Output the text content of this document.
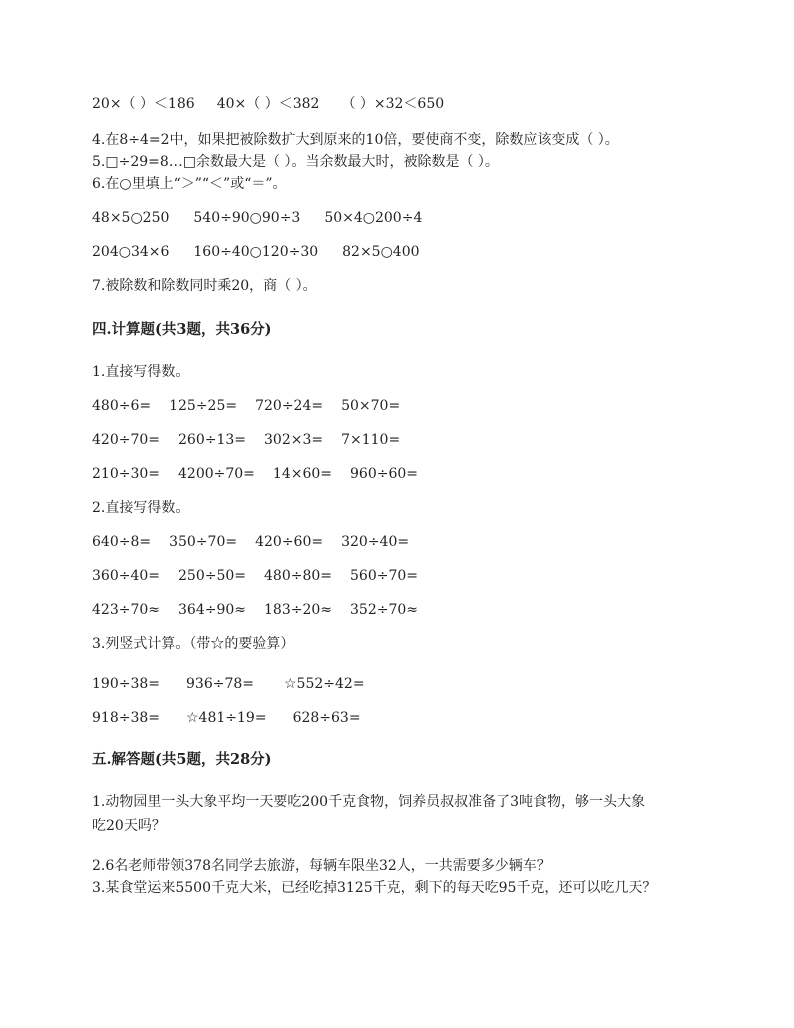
20×（ ）＜186 40×（ ）＜382 （ ）×32＜650
4.在8÷4=2中，如果把被除数扩大到原来的10倍，要使商不变，除数应该变成（ ）。
5.□÷29=8…□余数最大是（ ）。当余数最大时，被除数是（ ）。
6.在○里填上“＞”“＜”或“＝”。
48×5○250 540÷90○90÷3 50×4○200÷4
204○34×6 160÷40○120÷30 82×5○400
7.被除数和除数同时乘20，商（ ）。
四.计算题(共3题，共36分)
1.直接写得数。
480÷6= 125÷25= 720÷24= 50×70=
420÷70= 260÷13= 302×3= 7×110=
210÷30= 4200÷70= 14×60= 960÷60=
2.直接写得数。
640÷8= 350÷70= 420÷60= 320÷40=
360÷40= 250÷50= 480÷80= 560÷70=
423÷70≈ 364÷90≈ 183÷20≈ 352÷70≈
3.列竖式计算。（带☆的要验算）
190÷38= 936÷78= ☆552÷42=
918÷38= ☆481÷19= 628÷63=
五.解答题(共5题，共28分)
1.动物园里一头大象平均一天要吃200千克食物，饲养员叔叔准备了3吨食物，够一头大象
吃20天吗？
2.6名老师带领378名同学去旅游，每辆车限坐32人，一共需要多少辆车？
3.某食堂运来5500千克大米，已经吃掉3125千克，剩下的每天吃95千克，还可以吃几天？
